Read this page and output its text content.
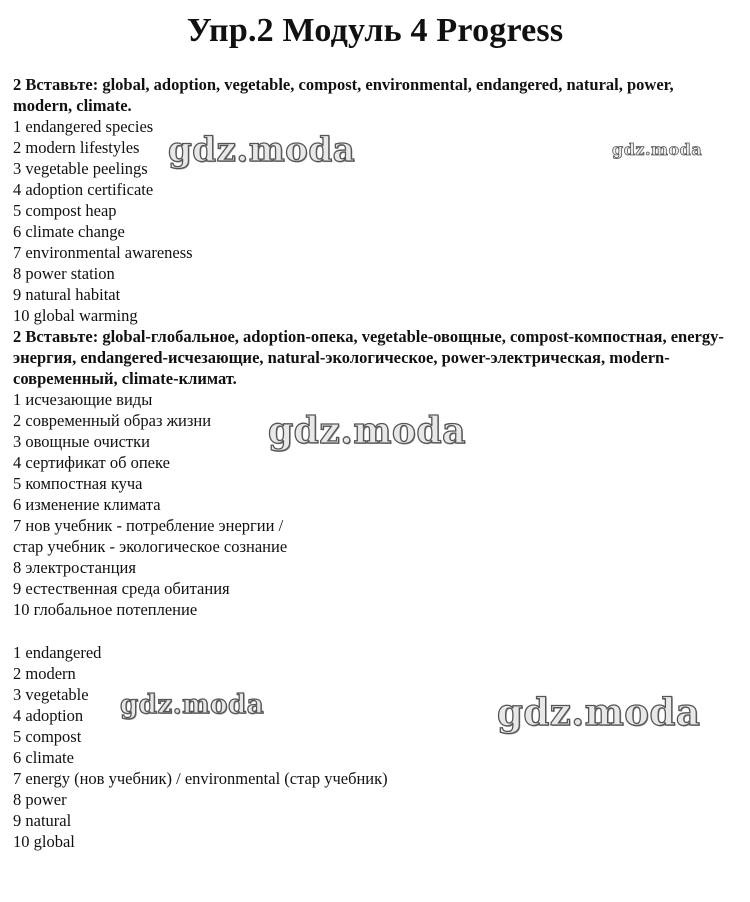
Упр.2 Модуль 4 Progress
2 Вставьте: global, adoption, vegetable, compost, environmental, endangered, natural, power, modern, climate.
1 endangered species
2 modern lifestyles
3 vegetable peelings
4 adoption certificate
5 compost heap
6 climate change
7 environmental awareness
8 power station
9 natural habitat
10 global warming
2 Вставьте: global-глобальное, adoption-опека, vegetable-овощные, compost-компостная, energy-энергия, endangered-исчезающие, natural-экологическое, power-электрическая, modern-современный, climate-климат.
1 исчезающие виды
2 современный образ жизни
3 овощные очистки
4 сертификат об опеке
5 компостная куча
6 изменение климата
7 нов учебник - потребление энергии /
стар учебник - экологическое сознание
8 электростанция
9 естественная среда обитания
10 глобальное потепление
1 endangered
2 modern
3 vegetable
4 adoption
5 compost
6 climate
7 energy (нов учебник) / environmental (стар учебник)
8 power
9 natural
10 global
gdz.moda	gdz.moda
gdz.moda
gdz.moda	gdz.moda
